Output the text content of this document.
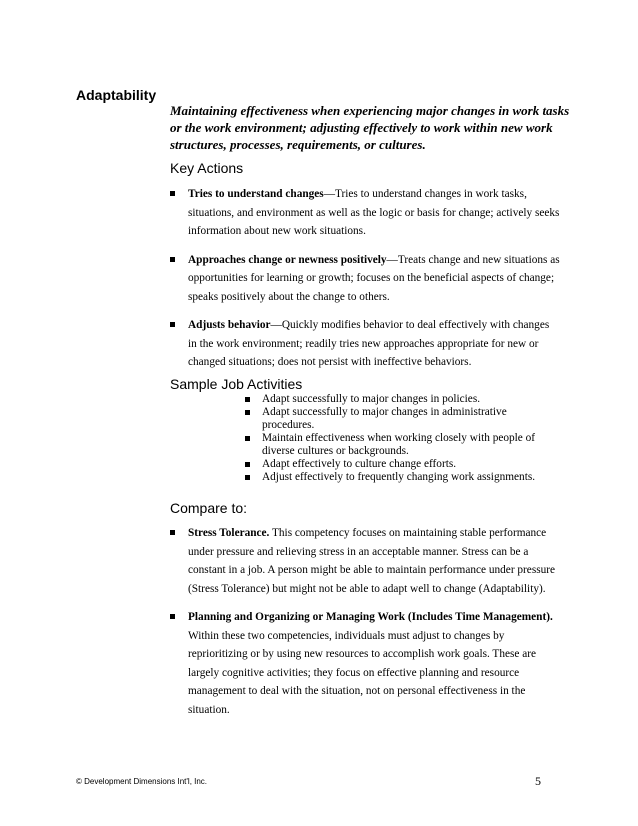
Adaptability
Maintaining effectiveness when experiencing major changes in work tasks or the work environment; adjusting effectively to work within new work structures, processes, requirements, or cultures.
Key Actions
Tries to understand changes—Tries to understand changes in work tasks, situations, and environment as well as the logic or basis for change; actively seeks information about new work situations.
Approaches change or newness positively—Treats change and new situations as opportunities for learning or growth; focuses on the beneficial aspects of change; speaks positively about the change to others.
Adjusts behavior—Quickly modifies behavior to deal effectively with changes in the work environment; readily tries new approaches appropriate for new or changed situations; does not persist with ineffective behaviors.
Sample Job Activities
Adapt successfully to major changes in policies.
Adapt successfully to major changes in administrative procedures.
Maintain effectiveness when working closely with people of diverse cultures or backgrounds.
Adapt effectively to culture change efforts.
Adjust effectively to frequently changing work assignments.
Compare to:
Stress Tolerance. This competency focuses on maintaining stable performance under pressure and relieving stress in an acceptable manner. Stress can be a constant in a job. A person might be able to maintain performance under pressure (Stress Tolerance) but might not be able to adapt well to change (Adaptability).
Planning and Organizing or Managing Work (Includes Time Management). Within these two competencies, individuals must adjust to changes by reprioritizing or by using new resources to accomplish work goals. These are largely cognitive activities; they focus on effective planning and resource management to deal with the situation, not on personal effectiveness in the situation.
© Development Dimensions Int'l, Inc.	5
